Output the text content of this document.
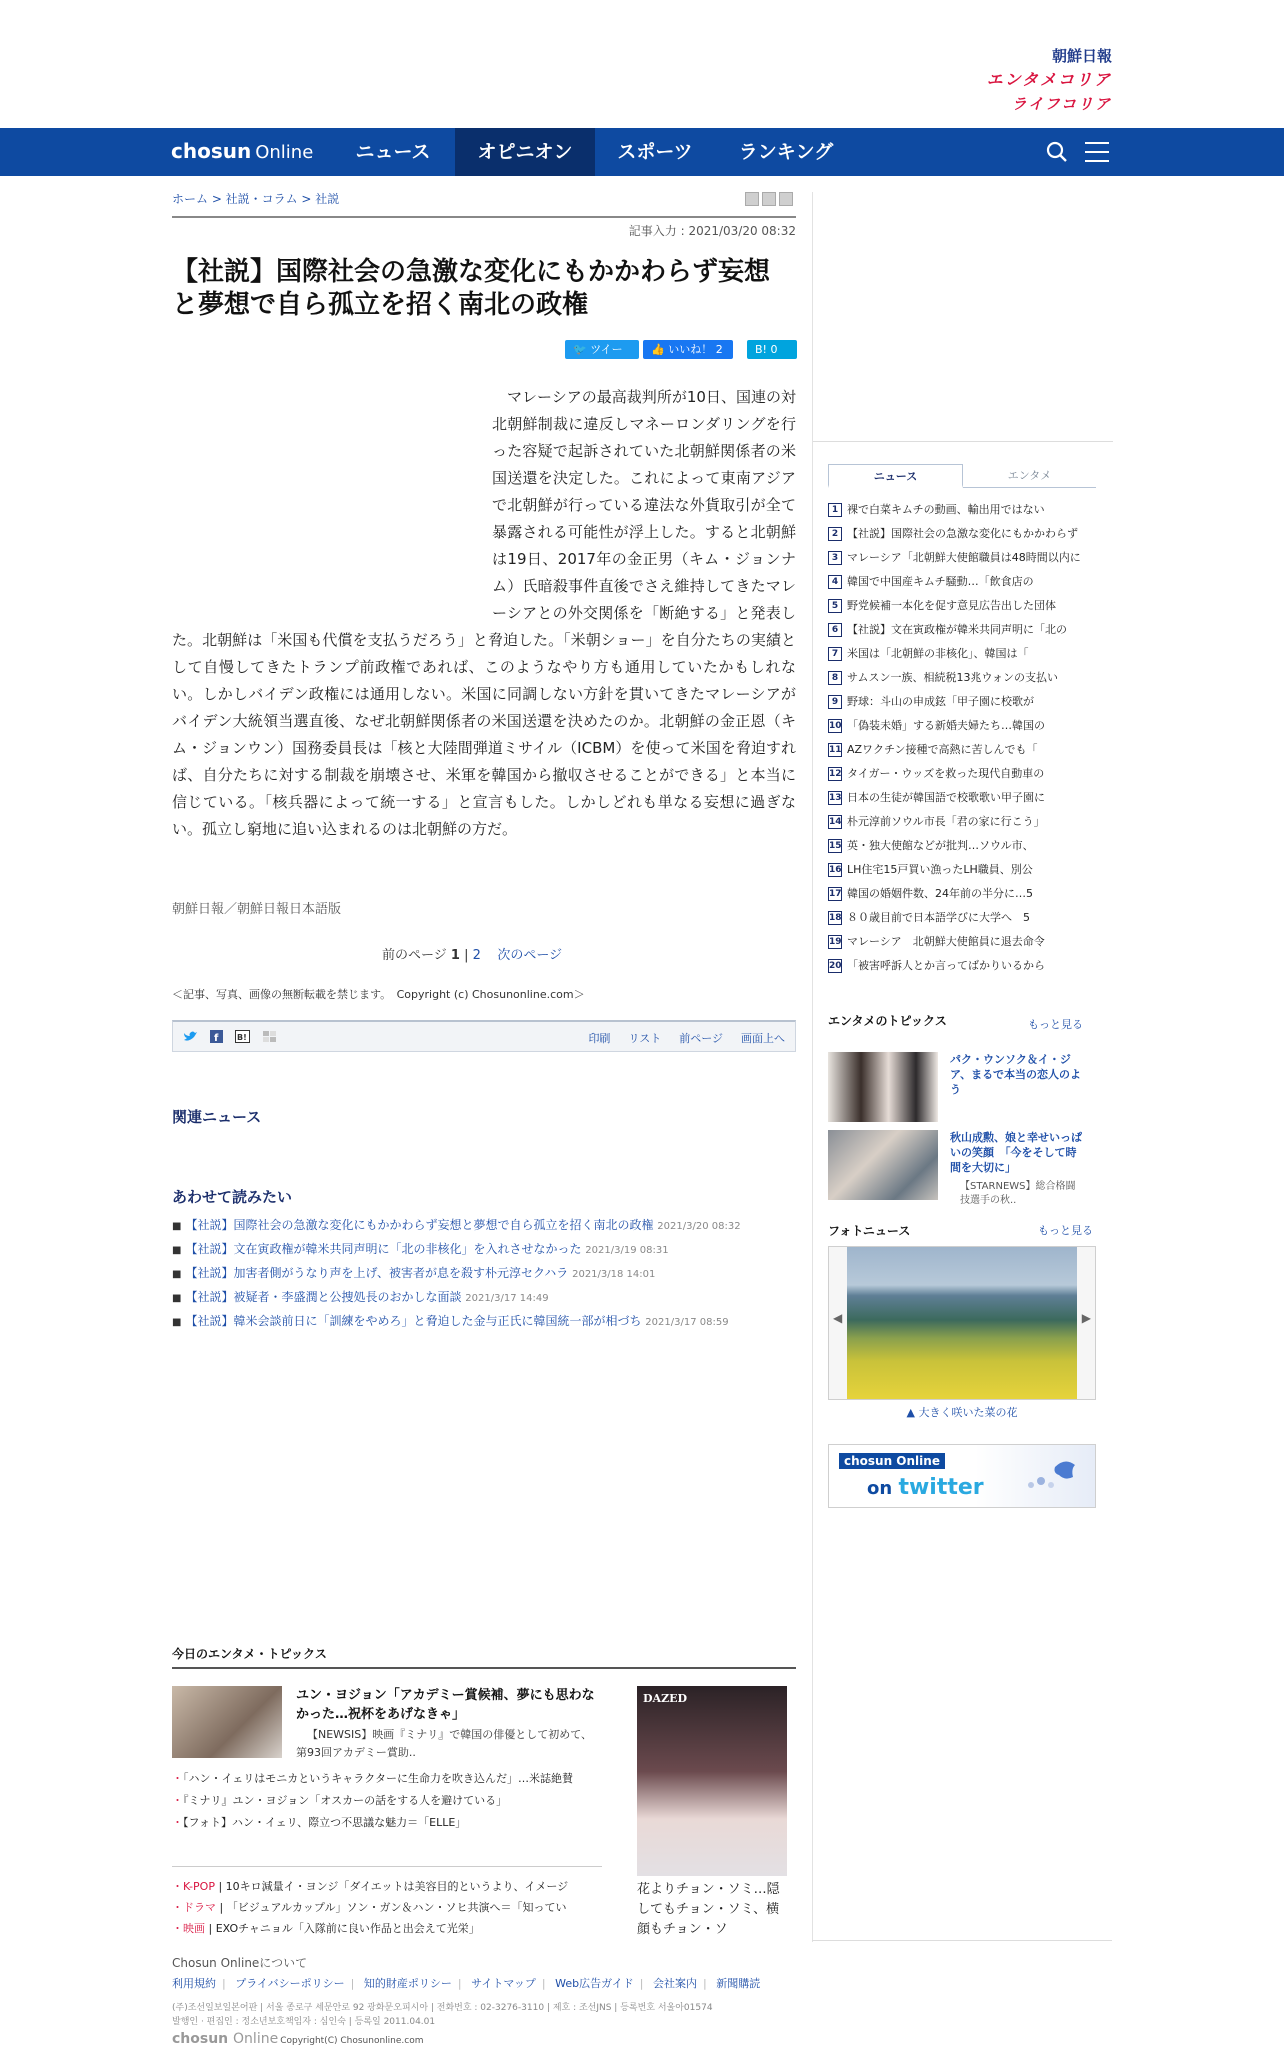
朝鮮日報
エンタメコリア
ライフコリア
chosun Online	ニュース	オピニオン	スポーツ	ランキング
ホーム > 社説・コラム > 社説
記事入力 : 2021/03/20 08:32
【社説】国際社会の急激な変化にもかかわらず妄想と夢想で自ら孤立を招く南北の政権
🐦 ツイート
👍 いいね！ 2	B! 0

マレーシアの最高裁判所が10日、国連の対北朝鮮制裁に違反しマネーロンダリングを行った容疑で起訴されていた北朝鮮関係者の米国送還を決定した。これによって東南アジアで北朝鮮が行っている違法な外貨取引が全て暴露される可能性が浮上した。すると北朝鮮は19日、2017年の金正男（キム・ジョンナム）氏暗殺事件直後でさえ維持してきたマレーシアとの外交関係を「断絶する」と発表した。北朝鮮は「米国も代償を支払うだろう」と脅迫した。「米朝ショー」を自分たちの実績として自慢してきたトランプ前政権であれば、このようなやり方も通用していたかもしれない。しかしバイデン政権には通用しない。米国に同調しない方針を貫いてきたマレーシアがバイデン大統領当選直後、なぜ北朝鮮関係者の米国送還を決めたのか。北朝鮮の金正恩（キム・ジョンウン）国務委員長は「核と大陸間弾道ミサイル（ICBM）を使って米国を脅迫すれば、自分たちに対する制裁を崩壊させ、米軍を韓国から撤収させることができる」と本当に信じている。「核兵器によって統一する」と宣言もした。しかしどれも単なる妄想に過ぎない。孤立し窮地に追い込まれるのは北朝鮮の方だ。

朝鮮日報／朝鮮日報日本語版
前のページ 1 | 2 次のページ
＜記事、写真、画像の無断転載を禁じます。　Copyright (c) Chosunonline.com＞
f B!	印刷 リスト 前ページ 画面上へ
関連ニュース
あわせて読みたい
■ 【社説】国際社会の急激な変化にもかかわらず妄想と夢想で自ら孤立を招く南北の政権 2021/3/20 08:32
■ 【社説】文在寅政権が韓米共同声明に「北の非核化」を入れさせなかった 2021/3/19 08:31
■ 【社説】加害者側がうなり声を上げ、被害者が息を殺す朴元淳セクハラ 2021/3/18 14:01
■ 【社説】被疑者・李盛潤と公捜処長のおかしな面談 2021/3/17 14:49
■ 【社説】韓米会談前日に「訓練をやめろ」と脅迫した金与正氏に韓国統一部が相づち 2021/3/17 08:59
今日のエンタメ・トピックス
ユン・ヨジョン「アカデミー賞候補、夢にも思わなかった…祝杯をあげなきゃ」
【NEWSIS】映画『ミナリ』で韓国の俳優として初めて、第93回アカデミー賞助..
・ 「ハン・イェリはモニカというキャラクターに生命力を吹き込んだ」…米誌絶賛
・ 『ミナリ』ユン・ヨジョン「オスカーの話をする人を避けている」
・ 【フォト】ハン・イェリ、際立つ不思議な魅力＝「ELLE」
・ K-POP | 10キロ減量イ・ヨンジ「ダイエットは美容目的というより、イメージ
・ ドラマ | 「ビジュアルカップル」ソン・ガン＆ハン・ソヒ共演へ＝「知ってい
・ 映画 | EXOチャニョル「入隊前に良い作品と出会えて光栄」
DAZED
花よりチョン・ソミ…隠してもチョン・ソミ、横顔もチョン・ソ
ニュース	エンタメ
1 裸で白菜キムチの動画、輸出用ではない
2 【社説】国際社会の急激な変化にもかかわらず
3 マレーシア「北朝鮮大使館職員は48時間以内に
4 韓国で中国産キムチ騒動…「飲食店の
5 野党候補一本化を促す意見広告出した団体
6 【社説】文在寅政権が韓米共同声明に「北の
7 米国は「北朝鮮の非核化」、韓国は「
8 サムスン一族、相続税13兆ウォンの支払い
9 野球：斗山の申成鉉「甲子園に校歌が
10 「偽装未婚」する新婚夫婦たち…韓国の
11 AZワクチン接種で高熱に苦しんでも「
12 タイガー・ウッズを救った現代自動車の
13 日本の生徒が韓国語で校歌歌い甲子園に
14 朴元淳前ソウル市長「君の家に行こう」
15 英・独大使館などが批判…ソウル市、
16 LH住宅15戸買い漁ったLH職員、別公
17 韓国の婚姻件数、24年前の半分に…5
18 ８０歳目前で日本語学びに大学へ　5
19 マレーシア　北朝鮮大使館員に退去命令
20 「被害呼訴人とか言ってばかりいるから
エンタメのトピックス	もっと見る
パク・ウンソク＆イ・ジア、まるで本当の恋人のよう
秋山成勲、娘と幸せいっぱいの笑顔　「今をそして時間を大切に」
【STARNEWS】総合格闘技選手の秋..
フォトニュース	もっと見る
◀	▶
▲ 大きく咲いた菜の花
chosun Online
on twitter
Chosun Onlineについて
利用規約 | プライバシーポリシー | 知的財産ポリシー | サイトマップ | Web広告ガイド | 会社案内 | 新聞購読
(주)조선일보일본어판 | 서울 종로구 세문안로 92 광화문오피시아 | 전화번호 : 02-3276-3110 | 제호 : 조선JNS | 등록번호 서울아01574
발행인 · 편집인 : 정소년보호책임자 : 심인숙 | 등록일 2011.04.01
chosun Online Copyright(C) Chosunonline.com
